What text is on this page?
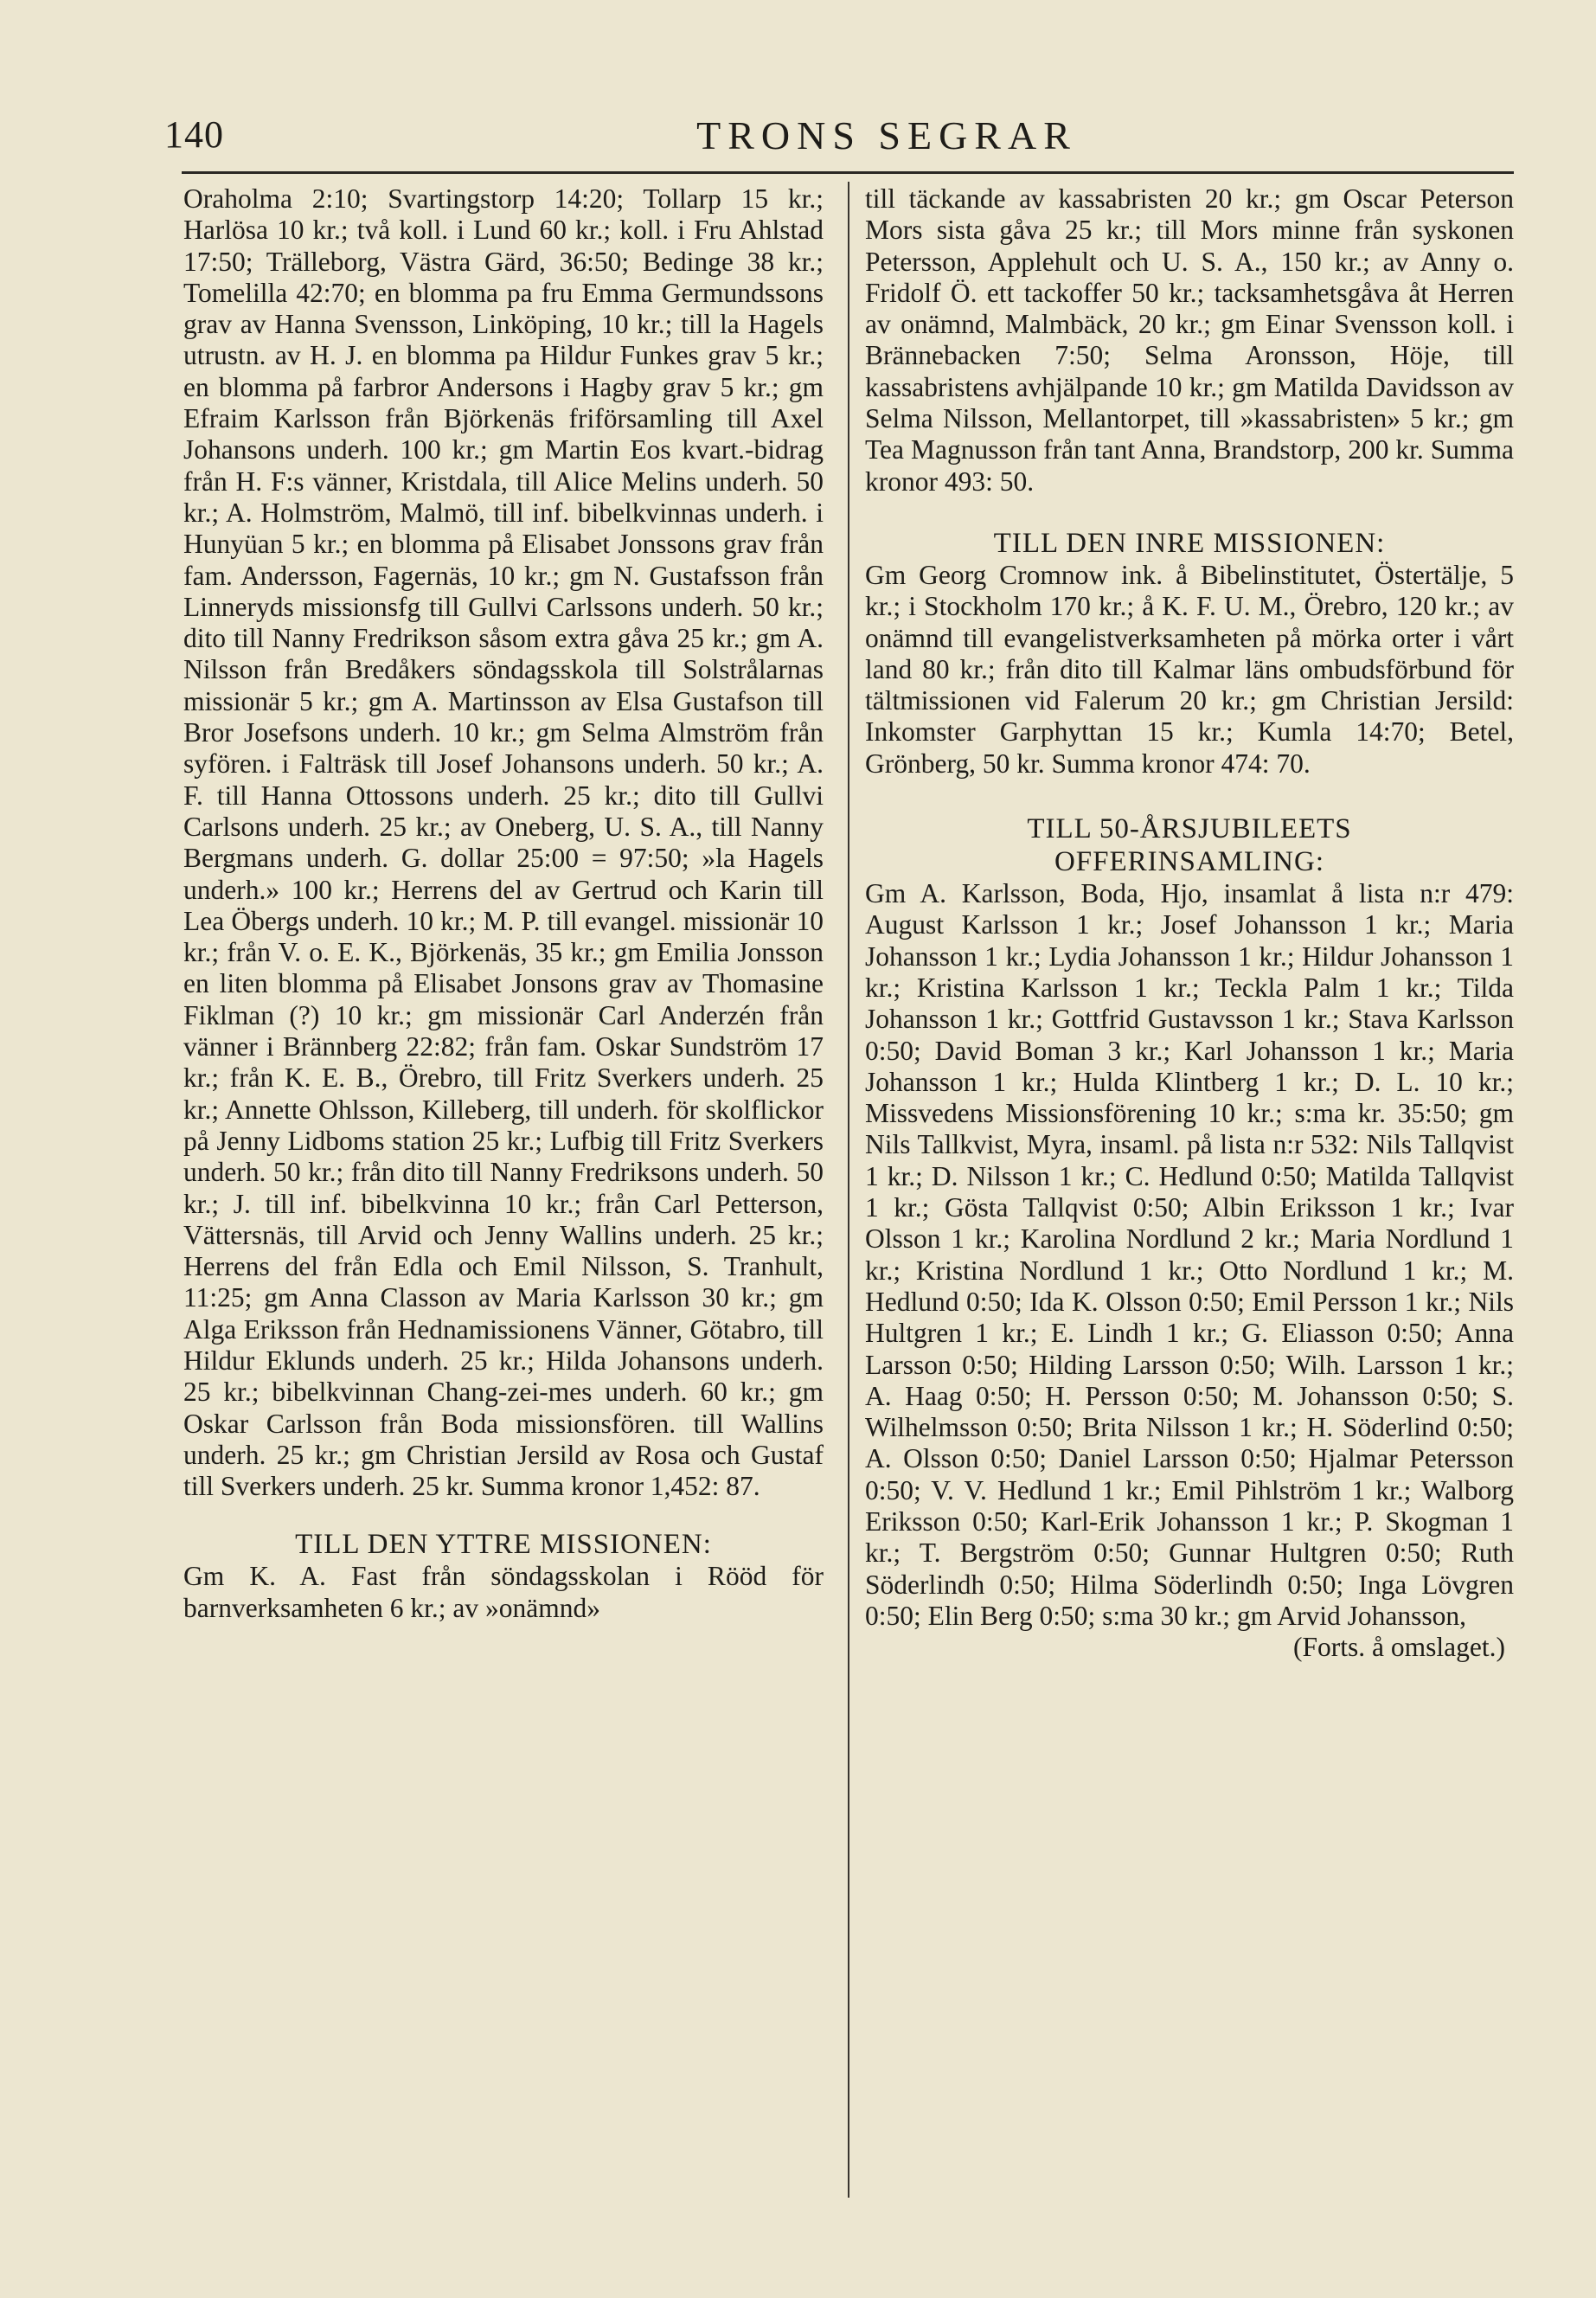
140	TRONS SEGRAR

Oraholma 2:10; Svartingstorp 14:20; Tollarp 15 kr.; Harlösa 10 kr.; två koll. i Lund 60 kr.; koll. i Fru Ahlstad 17:50; Trälleborg, Västra Gärd, 36:50; Bedinge 38 kr.; Tomelilla 42:70; en blomma pa fru Emma Germundssons grav av Hanna Svensson, Linköping, 10 kr.; till la Hagels utrustn. av H. J. en blomma pa Hildur Funkes grav 5 kr.; en blomma på farbror Andersons i Hagby grav 5 kr.; gm Efraim Karlsson från Björkenäs friförsamling till Axel Johansons underh. 100 kr.; gm Martin Eos kvart.-bidrag från H. F:s vänner, Kristdala, till Alice Melins underh. 50 kr.; A. Holmström, Malmö, till inf. bibelkvinnas underh. i Hunyüan 5 kr.; en blomma på Elisabet Jonssons grav från fam. Andersson, Fagernäs, 10 kr.; gm N. Gustafsson från Linneryds missionsfg till Gullvi Carlssons underh. 50 kr.; dito till Nanny Fredrikson såsom extra gåva 25 kr.; gm A. Nilsson från Bredåkers söndagsskola till Solstrålarnas missionär 5 kr.; gm A. Martinsson av Elsa Gustafson till Bror Josefsons underh. 10 kr.; gm Selma Almström från syfören. i Falträsk till Josef Johansons underh. 50 kr.; A. F. till Hanna Ottossons underh. 25 kr.; dito till Gullvi Carlsons underh. 25 kr.; av Oneberg, U. S. A., till Nanny Bergmans underh. G. dollar 25:00 = 97:50; »la Hagels underh.» 100 kr.; Herrens del av Gertrud och Karin till Lea Öbergs underh. 10 kr.; M. P. till evangel. missionär 10 kr.; från V. o. E. K., Björkenäs, 35 kr.; gm Emilia Jonsson en liten blomma på Elisabet Jonsons grav av Thomasine Fiklman (?) 10 kr.; gm missionär Carl Anderzén från vänner i Brännberg 22:82; från fam. Oskar Sundström 17 kr.; från K. E. B., Örebro, till Fritz Sverkers underh. 25 kr.; Annette Ohlsson, Killeberg, till underh. för skolflickor på Jenny Lidboms station 25 kr.; Lufbig till Fritz Sverkers underh. 50 kr.; från dito till Nanny Fredriksons underh. 50 kr.; J. till inf. bibelkvinna 10 kr.; från Carl Petterson, Vättersnäs, till Arvid och Jenny Wallins underh. 25 kr.; Herrens del från Edla och Emil Nilsson, S. Tranhult, 11:25; gm Anna Classon av Maria Karlsson 30 kr.; gm Alga Eriksson från Hednamissionens Vänner, Götabro, till Hildur Eklunds underh. 25 kr.; Hilda Johansons underh. 25 kr.; bibelkvinnan Chang-zei-mes underh. 60 kr.; gm Oskar Carlsson från Boda missionsfören. till Wallins underh. 25 kr.; gm Christian Jersild av Rosa och Gustaf till Sverkers underh. 25 kr. Summa kronor 1,452: 87.

TILL DEN YTTRE MISSIONEN:

Gm K. A. Fast från söndagsskolan i Rööd för barnverksamheten 6 kr.; av »onämnd»

till täckande av kassabristen 20 kr.; gm Oscar Peterson Mors sista gåva 25 kr.; till Mors minne från syskonen Petersson, Applehult och U. S. A., 150 kr.; av Anny o. Fridolf Ö. ett tackoffer 50 kr.; tacksamhetsgåva åt Herren av onämnd, Malmbäck, 20 kr.; gm Einar Svensson koll. i Brännebacken 7:50; Selma Aronsson, Höje, till kassabristens avhjälpande 10 kr.; gm Matilda Davidsson av Selma Nilsson, Mellantorpet, till »kassabristen» 5 kr.; gm Tea Magnusson från tant Anna, Brandstorp, 200 kr. Summa kronor 493: 50.

TILL DEN INRE MISSIONEN:

Gm Georg Cromnow ink. å Bibelinstitutet, Östertälje, 5 kr.; i Stockholm 170 kr.; å K. F. U. M., Örebro, 120 kr.; av onämnd till evangelistverksamheten på mörka orter i vårt land 80 kr.; från dito till Kalmar läns ombudsförbund för tältmissionen vid Falerum 20 kr.; gm Christian Jersild: Inkomster Garphyttan 15 kr.; Kumla 14:70; Betel, Grönberg, 50 kr. Summa kronor 474: 70.

TILL 50-ÅRSJUBILEETS
OFFERINSAMLING:

Gm A. Karlsson, Boda, Hjo, insamlat å lista n:r 479: August Karlsson 1 kr.; Josef Johansson 1 kr.; Maria Johansson 1 kr.; Lydia Johansson 1 kr.; Hildur Johansson 1 kr.; Kristina Karlsson 1 kr.; Teckla Palm 1 kr.; Tilda Johansson 1 kr.; Gottfrid Gustavsson 1 kr.; Stava Karlsson 0:50; David Boman 3 kr.; Karl Johansson 1 kr.; Maria Johansson 1 kr.; Hulda Klintberg 1 kr.; D. L. 10 kr.; Missvedens Missionsförening 10 kr.; s:ma kr. 35:50; gm Nils Tallkvist, Myra, insaml. på lista n:r 532: Nils Tallqvist 1 kr.; D. Nilsson 1 kr.; C. Hedlund 0:50; Matilda Tallqvist 1 kr.; Gösta Tallqvist 0:50; Albin Eriksson 1 kr.; Ivar Olsson 1 kr.; Karolina Nordlund 2 kr.; Maria Nordlund 1 kr.; Kristina Nordlund 1 kr.; Otto Nordlund 1 kr.; M. Hedlund 0:50; Ida K. Olsson 0:50; Emil Persson 1 kr.; Nils Hultgren 1 kr.; E. Lindh 1 kr.; G. Eliasson 0:50; Anna Larsson 0:50; Hilding Larsson 0:50; Wilh. Larsson 1 kr.; A. Haag 0:50; H. Persson 0:50; M. Johansson 0:50; S. Wilhelmsson 0:50; Brita Nilsson 1 kr.; H. Söderlind 0:50; A. Olsson 0:50; Daniel Larsson 0:50; Hjalmar Petersson 0:50; V. V. Hedlund 1 kr.; Emil Pihlström 1 kr.; Walborg Eriksson 0:50; Karl-Erik Johansson 1 kr.; P. Skogman 1 kr.; T. Bergström 0:50; Gunnar Hultgren 0:50; Ruth Söderlindh 0:50; Hilma Söderlindh 0:50; Inga Lövgren 0:50; Elin Berg 0:50; s:ma 30 kr.; gm Arvid Johansson,

(Forts. å omslaget.)
